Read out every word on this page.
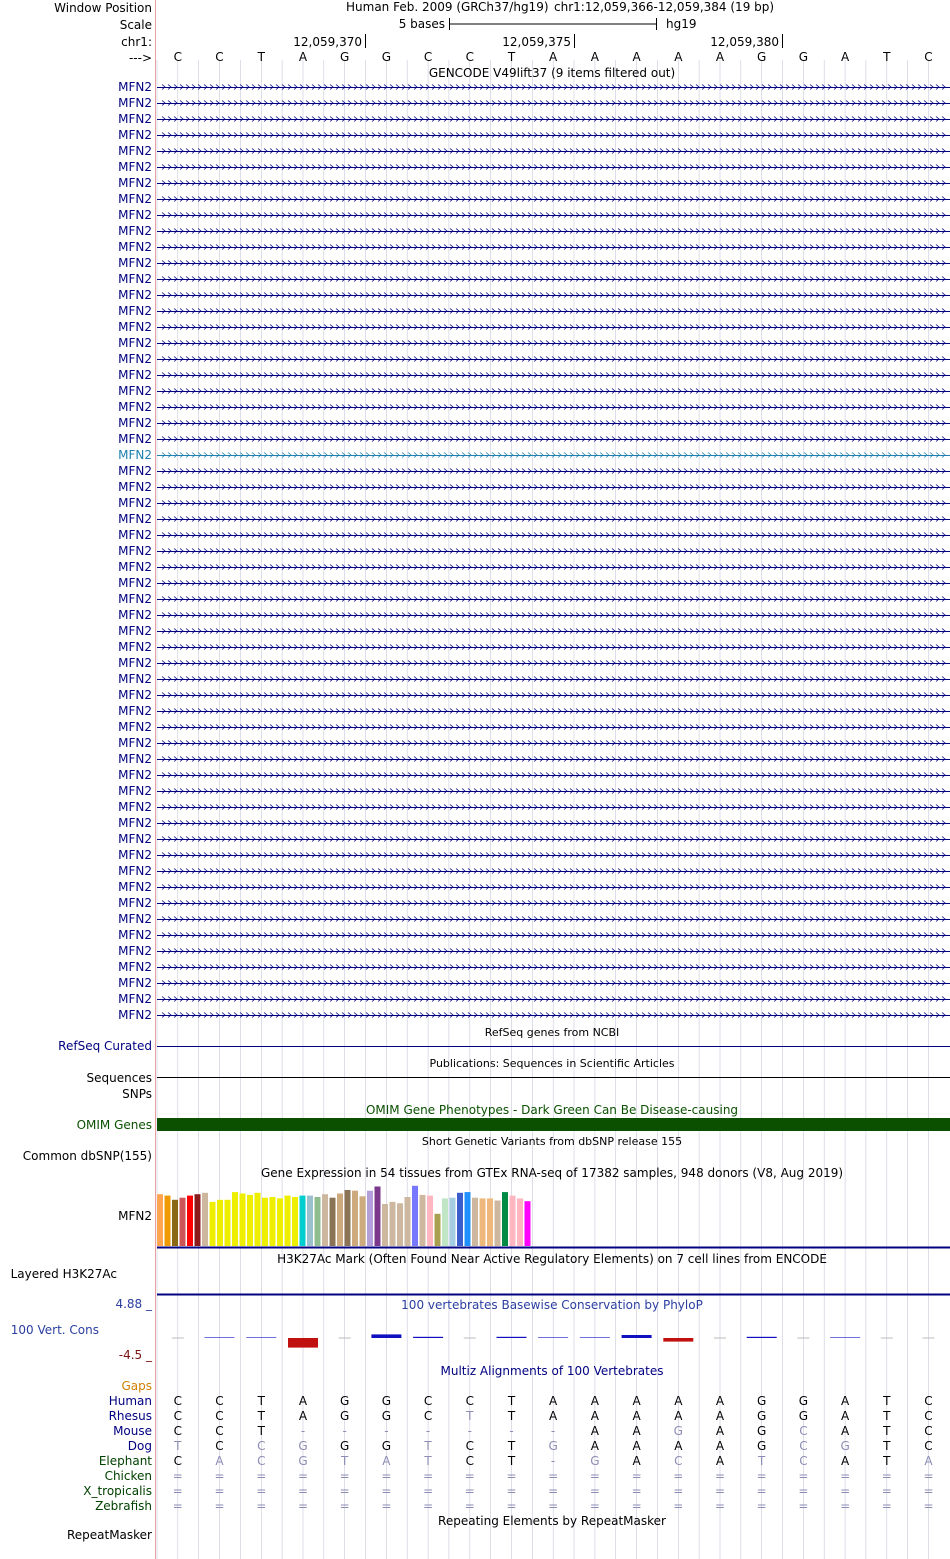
Window Position	Human Feb. 2009 (GRCh37/hg19) chr1:12,059,366-12,059,384 (19 bp)
Scale	5 bases	hg19
chr1:	12,059,370	12,059,375	12,059,380
---> C	C	T	A	G	G	C	C	T	A	A	A	A	A	G	G	A	T	C
GENCODE V49lift37 (9 items filtered out)
MFN2
MFN2
MFN2
MFN2
MFN2
MFN2
MFN2
MFN2
MFN2
MFN2
MFN2
MFN2
MFN2
MFN2
MFN2
MFN2
MFN2
MFN2
MFN2
MFN2
MFN2
MFN2
MFN2
MFN2
MFN2
MFN2
MFN2
MFN2
MFN2
MFN2
MFN2
MFN2
MFN2
MFN2
MFN2
MFN2
MFN2
MFN2
MFN2
MFN2
MFN2
MFN2
MFN2
MFN2
MFN2
MFN2
MFN2
MFN2
MFN2
MFN2
MFN2
MFN2
MFN2
MFN2
MFN2
MFN2
MFN2
MFN2
MFN2
RefSeq genes from NCBI
RefSeq Curated
Publications: Sequences in Scientific Articles
Sequences
SNPs
OMIM Gene Phenotypes - Dark Green Can Be Disease-causing
OMIM Genes
Short Genetic Variants from dbSNP release 155
Common dbSNP(155)
Gene Expression in 54 tissues from GTEx RNA-seq of 17382 samples, 948 donors (V8, Aug 2019)
MFN2
H3K27Ac Mark (Often Found Near Active Regulatory Elements) on 7 cell lines from ENCODE
Layered H3K27Ac
100 vertebrates Basewise Conservation by PhyloP
4.88 _
100 Vert. Cons
-4.5 _
Multiz Alignments of 100 Vertebrates
Gaps
Human C	C	T	A	G	G	C	C	T	A	A	A	A	A	G	G	A	T	C
Rhesus C	C	T	A	G	G	C	T	T	A	A	A	A	A	G	G	A	T	C
Mouse C	C	T	-	-	-	-	-	-	-	A	A	G	A	G	C	A	T	C
Dog T	C	C	G	G	G	T	C	T	G	A	A	A	A	G	C	G	T	C
Elephant C	A	C	G	T	A	T	C	T	-	G	A	C	A	T	C	A	T	A
Chicken =	=	=	=	=	=	=	=	=	=	=	=	=	=	=	=	=	=	=
X_tropicalis =	=	=	=	=	=	=	=	=	=	=	=	=	=	=	=	=	=	=
Zebrafish =	=	=	=	=	=	=	=	=	=	=	=	=	=	=	=	=	=	=
Repeating Elements by RepeatMasker
RepeatMasker
